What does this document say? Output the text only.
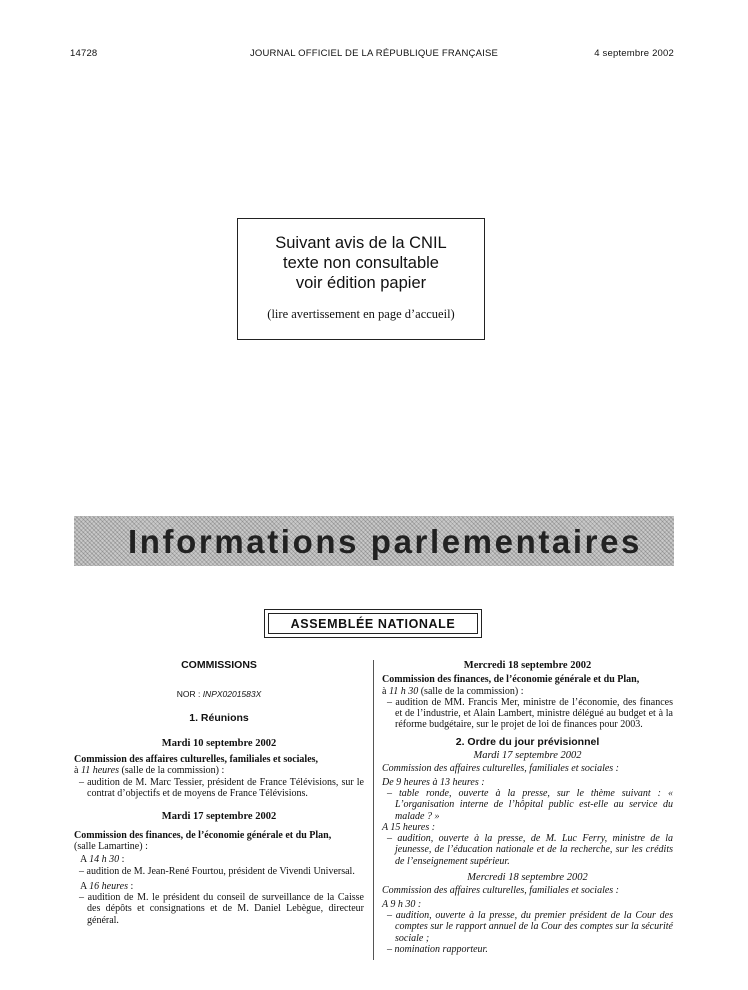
14728	JOURNAL OFFICIEL DE LA RÉPUBLIQUE FRANÇAISE	4 septembre 2002
Suivant avis de la CNIL
texte non consultable
voir édition papier
(lire avertissement en page d’accueil)
Informations parlementaires
ASSEMBLÉE NATIONALE

COMMISSIONS

NOR : INPX0201583X

1. Réunions

Mardi 10 septembre 2002

Commission des affaires culturelles, familiales et sociales,

à 11 heures (salle de la commission) :

– audition de M. Marc Tessier, président de France Télévisions, sur le contrat d’objectifs et de moyens de France Télévisions.

Mardi 17 septembre 2002

Commission des finances, de l’économie générale et du Plan,

(salle Lamartine) :

A 14 h 30 :

– audition de M. Jean-René Fourtou, président de Vivendi Universal.

A 16 heures :

– audition de M. le président du conseil de surveillance de la Caisse des dépôts et consignations et de M. Daniel Lebègue, directeur général.

Mercredi 18 septembre 2002

Commission des finances, de l’économie générale et du Plan,

à 11 h 30 (salle de la commission) :

– audition de MM. Francis Mer, ministre de l’économie, des finances et de l’industrie, et Alain Lambert, ministre délégué au budget et à la réforme budgétaire, sur le projet de loi de finances pour 2003.

2. Ordre du jour prévisionnel

Mardi 17 septembre 2002

Commission des affaires culturelles, familiales et sociales :

De 9 heures à 13 heures :

– table ronde, ouverte à la presse, sur le thème suivant : « L’organisation interne de l’hôpital public est-elle au service du malade ? »

A 15 heures :

– audition, ouverte à la presse, de M. Luc Ferry, ministre de la jeunesse, de l’éducation nationale et de la recherche, sur les crédits de l’enseignement supérieur.

Mercredi 18 septembre 2002

Commission des affaires culturelles, familiales et sociales :

A 9 h 30 :

– audition, ouverte à la presse, du premier président de la Cour des comptes sur le rapport annuel de la Cour des comptes sur la sécurité sociale ;

– nomination rapporteur.
